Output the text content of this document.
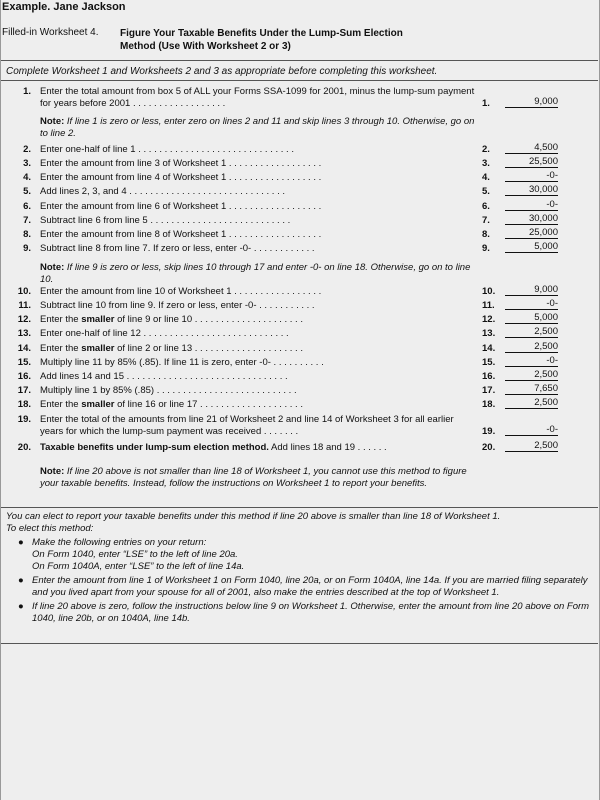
Example. Jane Jackson
Filled-in Worksheet 4. Figure Your Taxable Benefits Under the Lump-Sum Election
Method (Use With Worksheet 2 or 3)
Complete Worksheet 1 and Worksheets 2 and 3 as appropriate before completing this worksheet.
1. Enter the total amount from box 5 of ALL your Forms SSA-1099 for 2001, minus the lump-sum payment for years before 2001 . . . . . . . . . . . . . . . . . .	1.	9,000
2. Enter one-half of line 1 . . . . . . . . . . . . . . . . . . . . . . . . . . . . . .	2.	4,500
3. Enter the amount from line 3 of Worksheet 1 . . . . . . . . . . . . . . . . . .	3.	25,500
4. Enter the amount from line 4 of Worksheet 1 . . . . . . . . . . . . . . . . . .	4.	-0-
5. Add lines 2, 3, and 4 . . . . . . . . . . . . . . . . . . . . . . . . . . . . . .	5.	30,000
6. Enter the amount from line 6 of Worksheet 1 . . . . . . . . . . . . . . . . . .	6.	-0-
7. Subtract line 6 from line 5 . . . . . . . . . . . . . . . . . . . . . . . . . . .	7.	30,000
8. Enter the amount from line 8 of Worksheet 1 . . . . . . . . . . . . . . . . . .	8.	25,000
9. Subtract line 8 from line 7. If zero or less, enter -0- . . . . . . . . . . . .	9.	5,000
10. Enter the amount from line 10 of Worksheet 1 . . . . . . . . . . . . . . . . .	10.	9,000
11. Subtract line 10 from line 9. If zero or less, enter -0- . . . . . . . . . . .	11.	-0-
12. Enter the smaller of line 9 or line 10 . . . . . . . . . . . . . . . . . . . . .	12.	5,000
13. Enter one-half of line 12 . . . . . . . . . . . . . . . . . . . . . . . . . . . .	13.	2,500
14. Enter the smaller of line 2 or line 13 . . . . . . . . . . . . . . . . . . . . .	14.	2,500
15. Multiply line 11 by 85% (.85). If line 11 is zero, enter -0- . . . . . . . . . .	15.	-0-
16. Add lines 14 and 15 . . . . . . . . . . . . . . . . . . . . . . . . . . . . . . .	16.	2,500
17. Multiply line 1 by 85% (.85) . . . . . . . . . . . . . . . . . . . . . . . . . . .	17.	7,650
18. Enter the smaller of line 16 or line 17 . . . . . . . . . . . . . . . . . . . .	18.	2,500
19. Enter the total of the amounts from line 21 of Worksheet 2 and line 14 of Worksheet 3 for all earlier years for which the lump-sum payment was received . . . . . . .	19.	-0-
20. Taxable benefits under lump-sum election method. Add lines 18 and 19 . . . . . .	20.	2,500
Note: If line 1 is zero or less, enter zero on lines 2 and 11 and skip lines 3 through 10. Otherwise, go on to line 2.
Note: If line 9 is zero or less, skip lines 10 through 17 and enter -0- on line 18. Otherwise, go on to line 10.
Note: If line 20 above is not smaller than line 18 of Worksheet 1, you cannot use this method to figure your taxable benefits. Instead, follow the instructions on Worksheet 1 to report your benefits.
You can elect to report your taxable benefits under this method if line 20 above is smaller than line 18 of Worksheet 1.
To elect this method:
● Make the following entries on your return:
On Form 1040, enter “LSE” to the left of line 20a.
On Form 1040A, enter “LSE” to the left of line 14a.
● Enter the amount from line 1 of Worksheet 1 on Form 1040, line 20a, or on Form 1040A, line 14a. If you are married filing separately and you lived apart from your spouse for all of 2001, also make the entries described at the top of Worksheet 1.
● If line 20 above is zero, follow the instructions below line 9 on Worksheet 1. Otherwise, enter the amount from line 20 above on Form 1040, line 20b, or on 1040A, line 14b.
